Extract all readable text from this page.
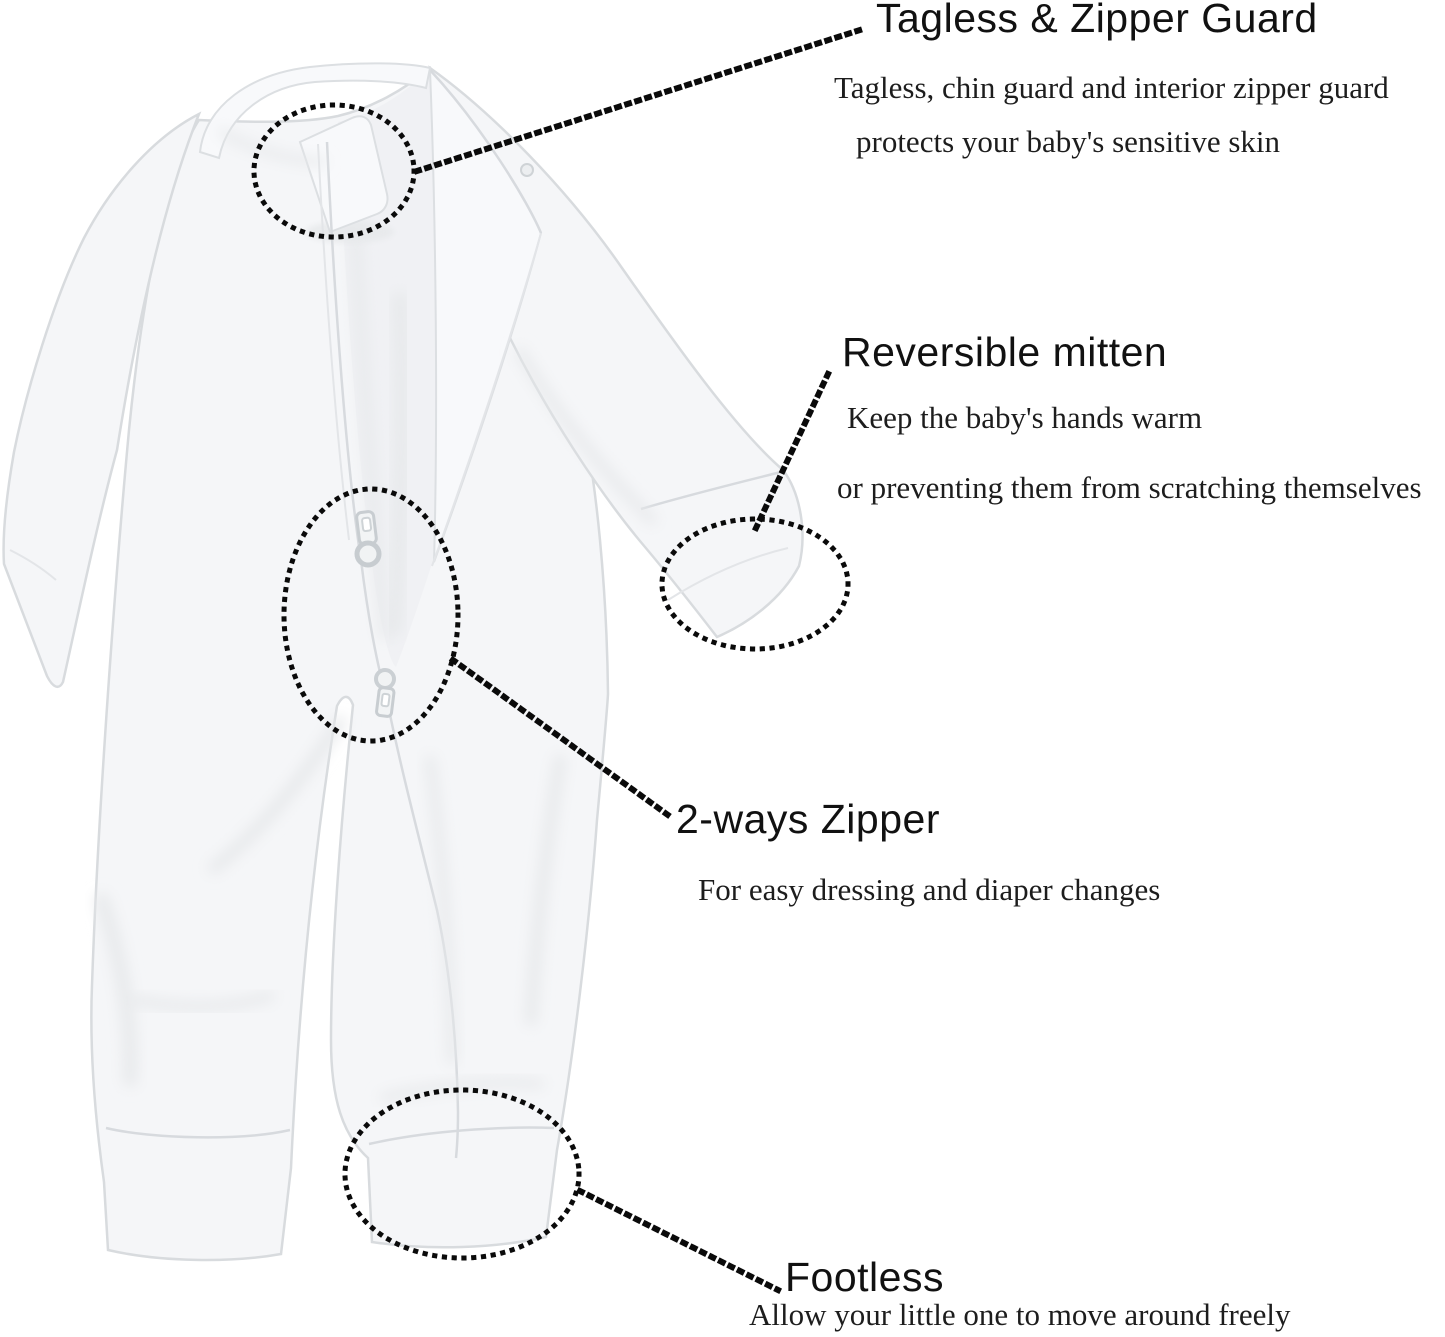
Tagless & Zipper Guard
Tagless, chin guard and interior zipper guard
protects your baby's sensitive skin
Reversible mitten
Keep the baby's hands warm
or preventing them from scratching themselves
2-ways Zipper
For easy dressing and diaper changes
Footless
Allow your little one to move around freely
